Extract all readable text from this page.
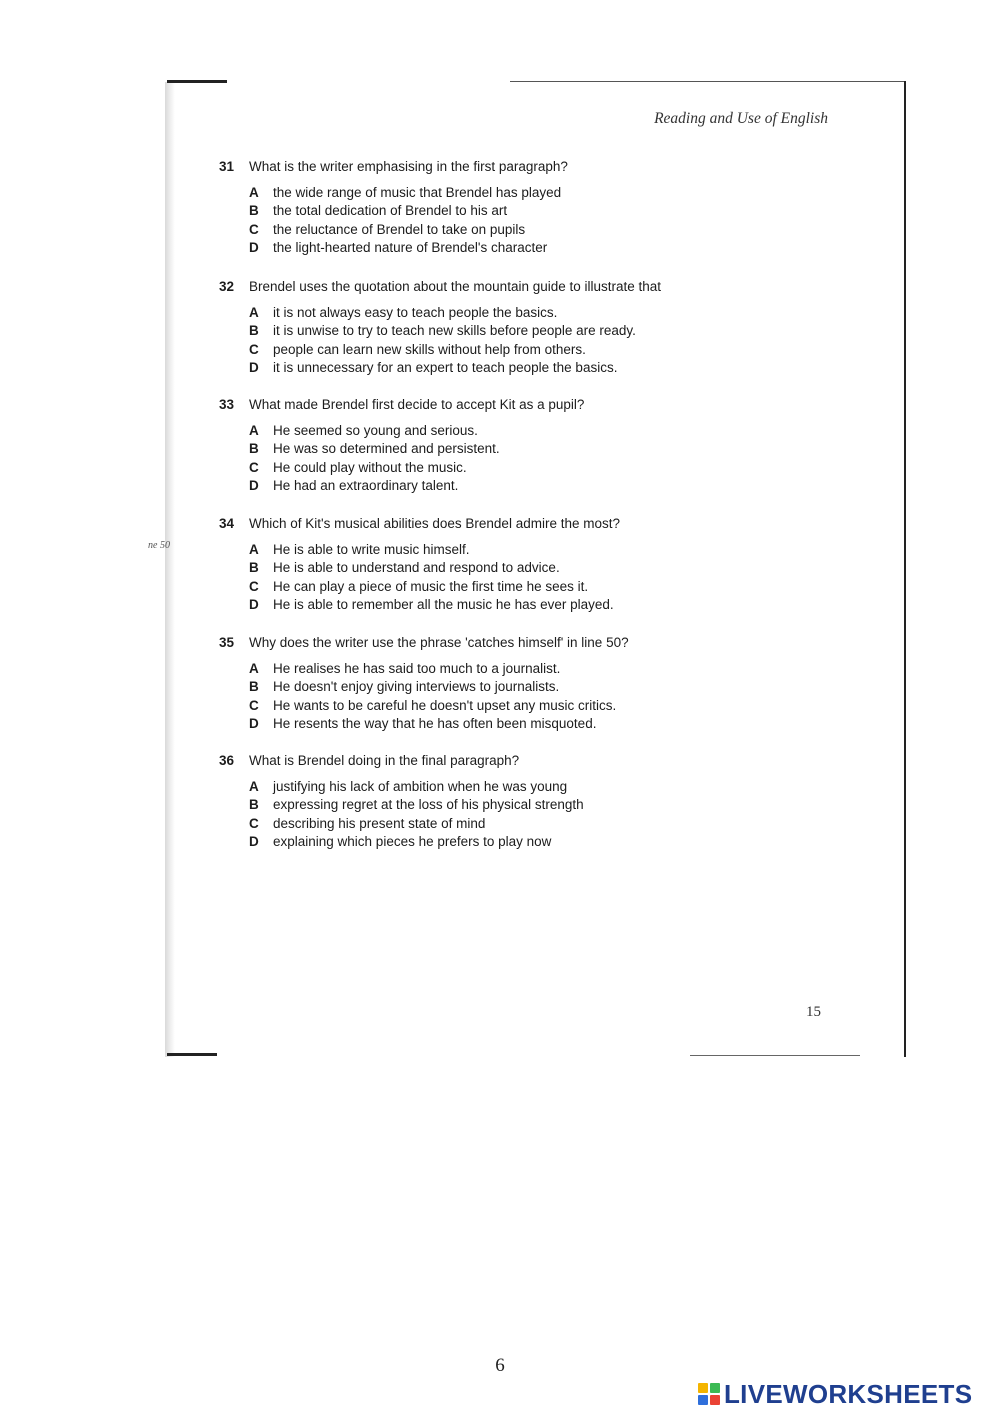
Reading and Use of English
ne 50
31	What is the writer emphasising in the first paragraph?
A	the wide range of music that Brendel has played
B	the total dedication of Brendel to his art
C	the reluctance of Brendel to take on pupils
D	the light-hearted nature of Brendel's character
32	Brendel uses the quotation about the mountain guide to illustrate that
A	it is not always easy to teach people the basics.
B	it is unwise to try to teach new skills before people are ready.
C	people can learn new skills without help from others.
D	it is unnecessary for an expert to teach people the basics.
33	What made Brendel first decide to accept Kit as a pupil?
A	He seemed so young and serious.
B	He was so determined and persistent.
C	He could play without the music.
D	He had an extraordinary talent.
34	Which of Kit's musical abilities does Brendel admire the most?
A	He is able to write music himself.
B	He is able to understand and respond to advice.
C	He can play a piece of music the first time he sees it.
D	He is able to remember all the music he has ever played.
35	Why does the writer use the phrase 'catches himself' in line 50?
A	He realises he has said too much to a journalist.
B	He doesn't enjoy giving interviews to journalists.
C	He wants to be careful he doesn't upset any music critics.
D	He resents the way that he has often been misquoted.
36	What is Brendel doing in the final paragraph?
A	justifying his lack of ambition when he was young
B	expressing regret at the loss of his physical strength
C	describing his present state of mind
D	explaining which pieces he prefers to play now
15
6
LIVEWORKSHEETS
